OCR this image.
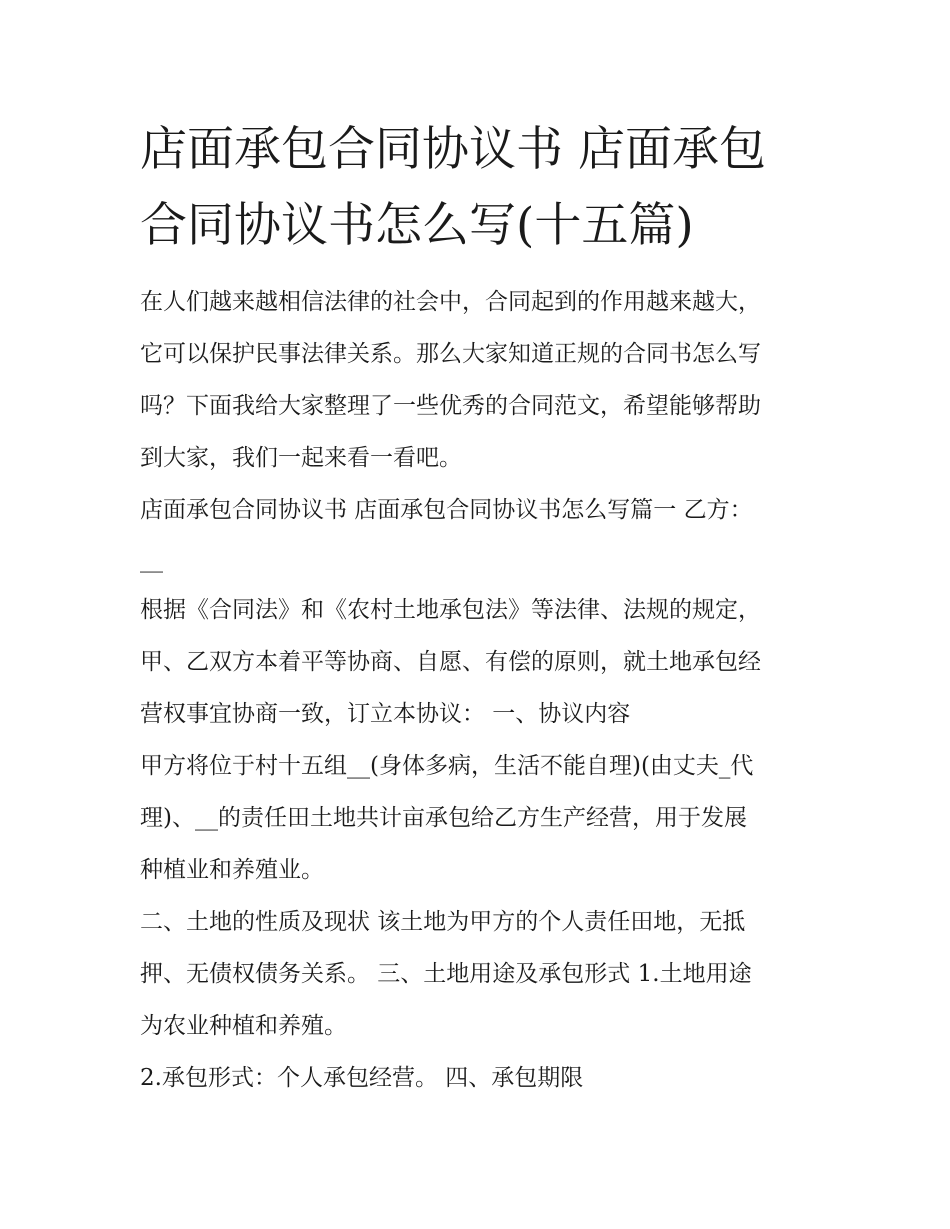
店面承包合同协议书 店面承包
合同协议书怎么写(十五篇)
在人们越来越相信法律的社会中，合同起到的作用越来越大，
它可以保护民事法律关系。那么大家知道正规的合同书怎么写
吗？下面我给大家整理了一些优秀的合同范文，希望能够帮助
到大家，我们一起来看一看吧。
店面承包合同协议书 店面承包合同协议书怎么写篇一 乙方：
__
根据《合同法》和《农村土地承包法》等法律、法规的规定，
甲、乙双方本着平等协商、自愿、有偿的原则，就土地承包经
营权事宜协商一致，订立本协议： 一、协议内容
甲方将位于村十五组__(身体多病，生活不能自理)(由丈夫_代
理)、__的责任田土地共计亩承包给乙方生产经营，用于发展
种植业和养殖业。
二、土地的性质及现状 该土地为甲方的个人责任田地，无抵
押、无债权债务关系。 三、土地用途及承包形式 1.土地用途
为农业种植和养殖。
2.承包形式：个人承包经营。 四、承包期限
